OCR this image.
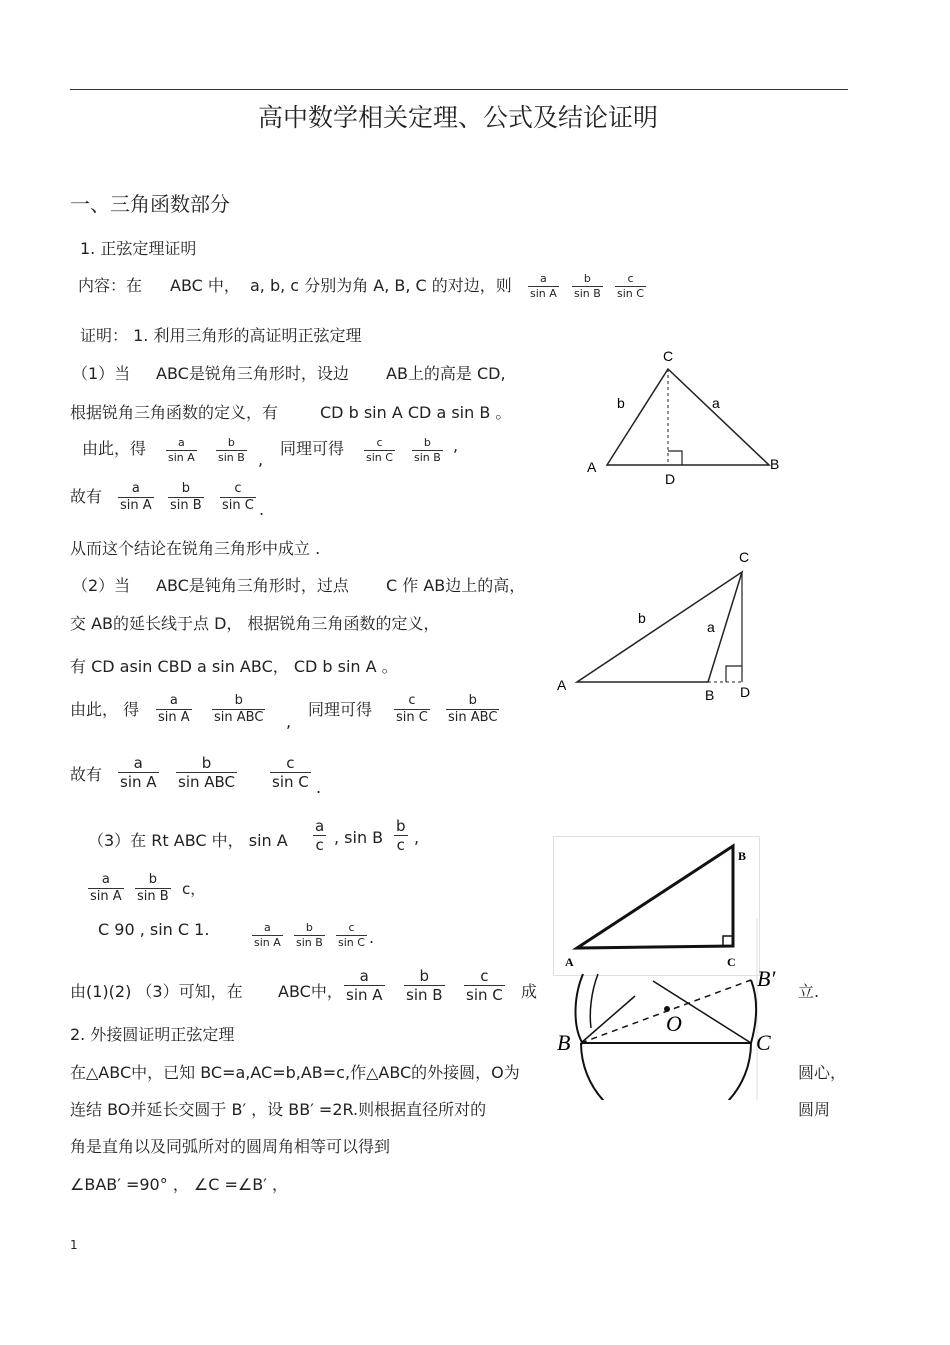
高中数学相关定理、公式及结论证明
一、三角函数部分
1. 正弦定理证明
内容：在 ABC 中， a, b, c 分别为角 A, B, C 的对边，则 $\frac{a}{\text{sin A}} \frac{b}{\text{sin B}} \frac{c}{\text{sin C}}$
证明： 1. 利用三角形的高证明正弦定理
（1）当 ABC是锐角三角形时，设边 AB上的高是 CD,
根据锐角三角函数的定义，有	CD b sin A CD a sin B 。
由此，得 $\frac{a}{\text{sin A}} \frac{b}{\text{sin B}}$ ,
同理可得 $\frac{c}{\text{sin C}} \frac{b}{\text{sin B}}$ ,
故有 $\frac{a}{\text{sin A}} \frac{b}{\text{sin B}} \frac{c}{\text{sin C}}$ .
从而这个结论在锐角三角形中成立 .
（2）当 ABC是钝角三角形时，过点 C 作 AB边上的高，
交 AB的延长线于点 D， 根据锐角三角函数的定义，
有 CD asin CBD a sin ABC， CD b sin A 。
由此， 得 $\frac{a}{\text{sin A}}$	b
sin ABC ,
同理可得 $\frac{c}{\text{sin C}}$	b
sin ABC
故有 $\frac{a}{\text{sin A}}$	b
sin ABC $\frac{c}{\text{sin C}}$ .
（3）在 Rt ABC 中， sin A $\frac{a}{c}$ , sin B $\frac{b}{c}$ ,
$\frac{a}{\text{sin A}} \frac{b}{\text{sin B}}$ c，
C 90 , sin C 1.	$\frac{a}{\text{sin A}} \frac{b}{\text{sin B}} \frac{c}{\text{sin C}}$ .
由(1)(2) （3）可知，在 ABC中， $\frac{a}{\text{sin A}} \frac{b}{\text{sin B}} \frac{c}{\text{sin C}}$ 成	立.
2. 外接圆证明正弦定理
在△ABC中，已知 BC=a,AC=b,AB=c,作△ABC的外接圆，O为	圆心，
连结 BO并延长交圆于 B′ ，设 BB′ =2R.则根据直径所对的	圆周
角是直角以及同弧所对的圆周角相等可以得到
∠BAB′ =90° ， ∠C =∠B′ ，
1
C
A	B
D
b	a
C
A
B D
b
a
B
A	C
B	C
O
B′
